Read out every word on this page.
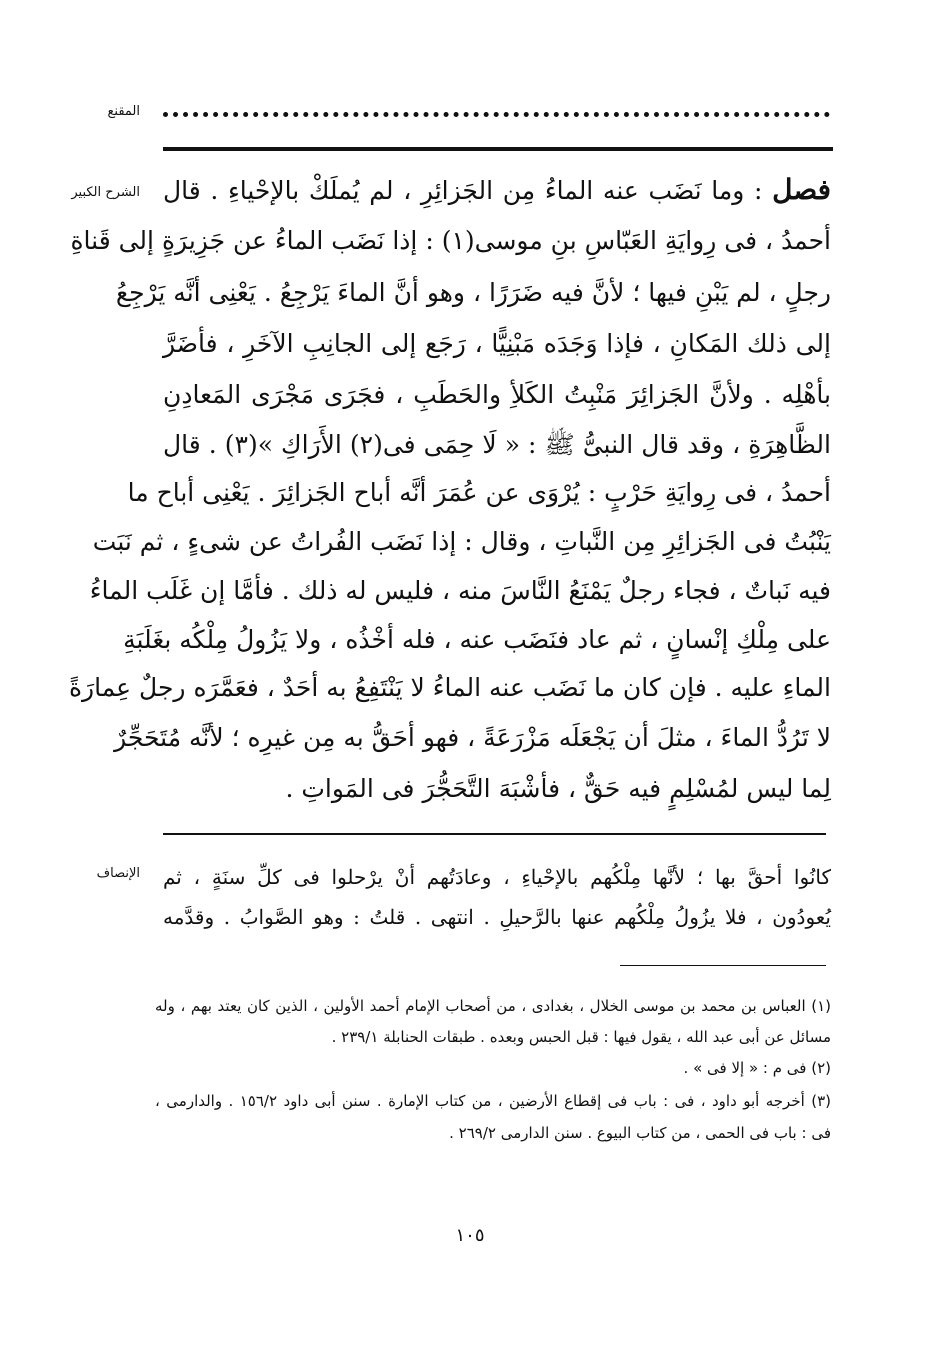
المقنع
الشرح الكبير	فصل : وما نَضَب عنه الماءُ مِن الجَزائِرِ ، لم يُملَكْ بالإحْياءِ . قال
أحمدُ ، فى رِوايَةِ العَبّاسِ بنِ موسى(١) : إذا نَضَب الماءُ عن جَزِيرَةٍ إلى قَناةِ
رجلٍ ، لم يَبْنِ فيها ؛ لأنَّ فيه ضَرَرًا ، وهو أنَّ الماءَ يَرْجِعُ . يَعْنِى أنَّه يَرْجِعُ
إلى ذلك المَكانِ ، فإذا وَجَدَه مَبْنِيًّا ، رَجَع إلى الجانِبِ الآخَرِ ، فأضَرَّ
بأهْلِه . ولأنَّ الجَزائِرَ مَنْبِتُ الكَلأِ والحَطَبِ ، فجَرَى مَجْرَى المَعادِنِ
الظَّاهِرَةِ ، وقد قال النبىُّ ﷺ : « لَا حِمَى فى(٢) الأَرَاكِ »(٣) . قال
أحمدُ ، فى رِوايَةِ حَرْبٍ : يُرْوَى عن عُمَرَ أنَّه أباح الجَزائِرَ . يَعْنِى أباح ما
يَنْبُتُ فى الجَزائِرِ مِن النَّباتِ ، وقال : إذا نَضَب الفُراتُ عن شىءٍ ، ثم نَبَت
فيه نَباتٌ ، فجاء رجلٌ يَمْنَعُ النَّاسَ منه ، فليس له ذلك . فأمَّا إن غَلَب الماءُ
على مِلْكِ إنْسانٍ ، ثم عاد فنَضَب عنه ، فله أخْذُه ، ولا يَزُولُ مِلْكُه بغَلَبَةِ
الماءِ عليه . فإن كان ما نَضَب عنه الماءُ لا يَنْتَفِعُ به أحَدٌ ، فعَمَّرَه رجلٌ عِمارَةً
لا تَرُدُّ الماءَ ، مثلَ أن يَجْعَلَه مَزْرَعَةً ، فهو أحَقُّ به مِن غيرِه ؛ لأنَّه مُتَحَجِّرٌ
لِما ليس لمُسْلِمٍ فيه حَقٌّ ، فأشْبَهَ التَّحَجُّرَ فى المَواتِ .
الإنصاف كانُوا أحقَّ بها ؛ لأنَّها مِلْكُهم بالإحْياءِ ، وعادَتُهم أنْ يرْحلوا فى كلِّ سنَةٍ ، ثم
يُعودُون ، فلا يزُولُ مِلْكُهم عنها بالرَّحيلِ . انتهى . قلتُ : وهو الصَّوابُ . وقدَّمه
(١) العباس بن محمد بن موسى الخلال ، بغدادى ، من أصحاب الإمام أحمد الأولين ، الذين كان يعتد بهم ، وله
مسائل عن أبى عبد الله ، يقول فيها : قبل الحبس وبعده . طبقات الحنابلة ٢٣٩/١ .
(٢) فى م : « إلا فى » .
(٣) أخرجه أبو داود ، فى : باب فى إقطاع الأرضين ، من كتاب الإمارة . سنن أبى داود ١٥٦/٢ . والدارمى ،
فى : باب فى الحمى ، من كتاب البيوع . سنن الدارمى ٢٦٩/٢ .
١٠٥
